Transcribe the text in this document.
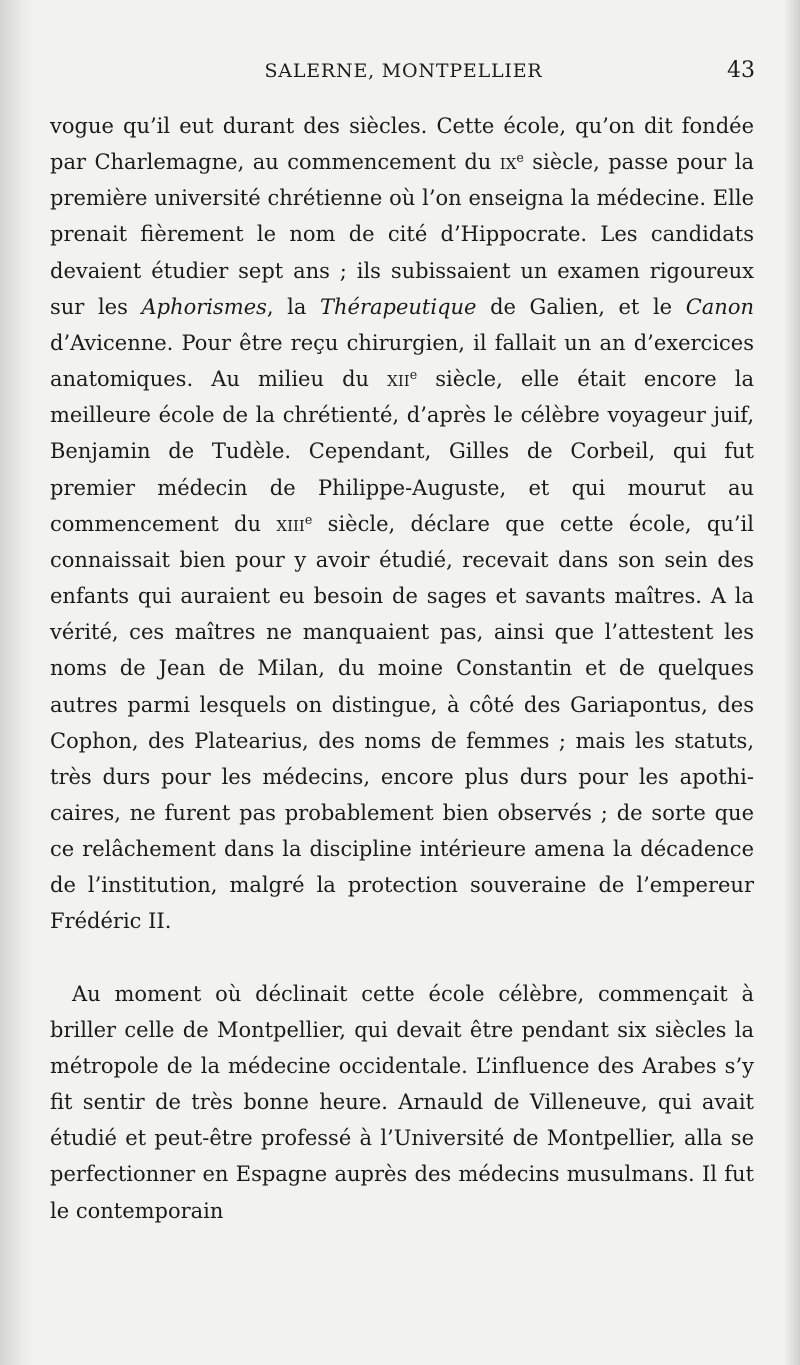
SALERNE, MONTPELLIER	43

vogue qu’il eut durant des siècles. Cette école, qu’on dit fondée par Charlemagne, au commencement du $ix^e$ siècle, passe pour la première université chrétienne où l’on enseigna la médecine. Elle prenait fièrement le nom de cité d’Hippocrate. Les candidats devaient étudier sept ans ; ils subissaient un examen rigoureux sur les Aphorismes, la Thérapeutique de Galien, et le Canon d’Avicenne. Pour être reçu chirurgien, il fallait un an d’exercices anatomiques. Au milieu du xii$^e$ siècle, elle était encore la meilleure école de la chrétienté, d’après le célèbre voyageur juif, Benjamin de Tudèle. Cependant, Gilles de Corbeil, qui fut premier médecin de Philippe-Auguste, et qui mourut au commencement du xiii$^e$ siècle, déclare que cette école, qu’il connaissait bien pour y avoir étudié, recevait dans son sein des enfants qui auraient eu besoin de sages et savants maîtres. A la vérité, ces maîtres ne manquaient pas, ainsi que l’attestent les noms de Jean de Milan, du moine Constantin et de quelques autres parmi lesquels on distingue, à côté des Gariapontus, des Cophon, des Platearius, des noms de femmes ; mais les statuts, très durs pour les médecins, encore plus durs pour les apothicaires, ne furent pas probablement bien observés ; de sorte que ce relâchement dans la discipline intérieure amena la décadence de l’institution, malgré la protection souveraine de l’empereur Frédéric II.

Au moment où déclinait cette école célèbre, commençait à briller celle de Montpellier, qui devait être pendant six siècles la métropole de la médecine occidentale. L’influence des Arabes s’y fit sentir de très bonne heure. Arnauld de Villeneuve, qui avait étudié et peut-être professé à l’Université de Montpellier, alla se perfectionner en Espagne auprès des médecins musulmans. Il fut le contemporain
